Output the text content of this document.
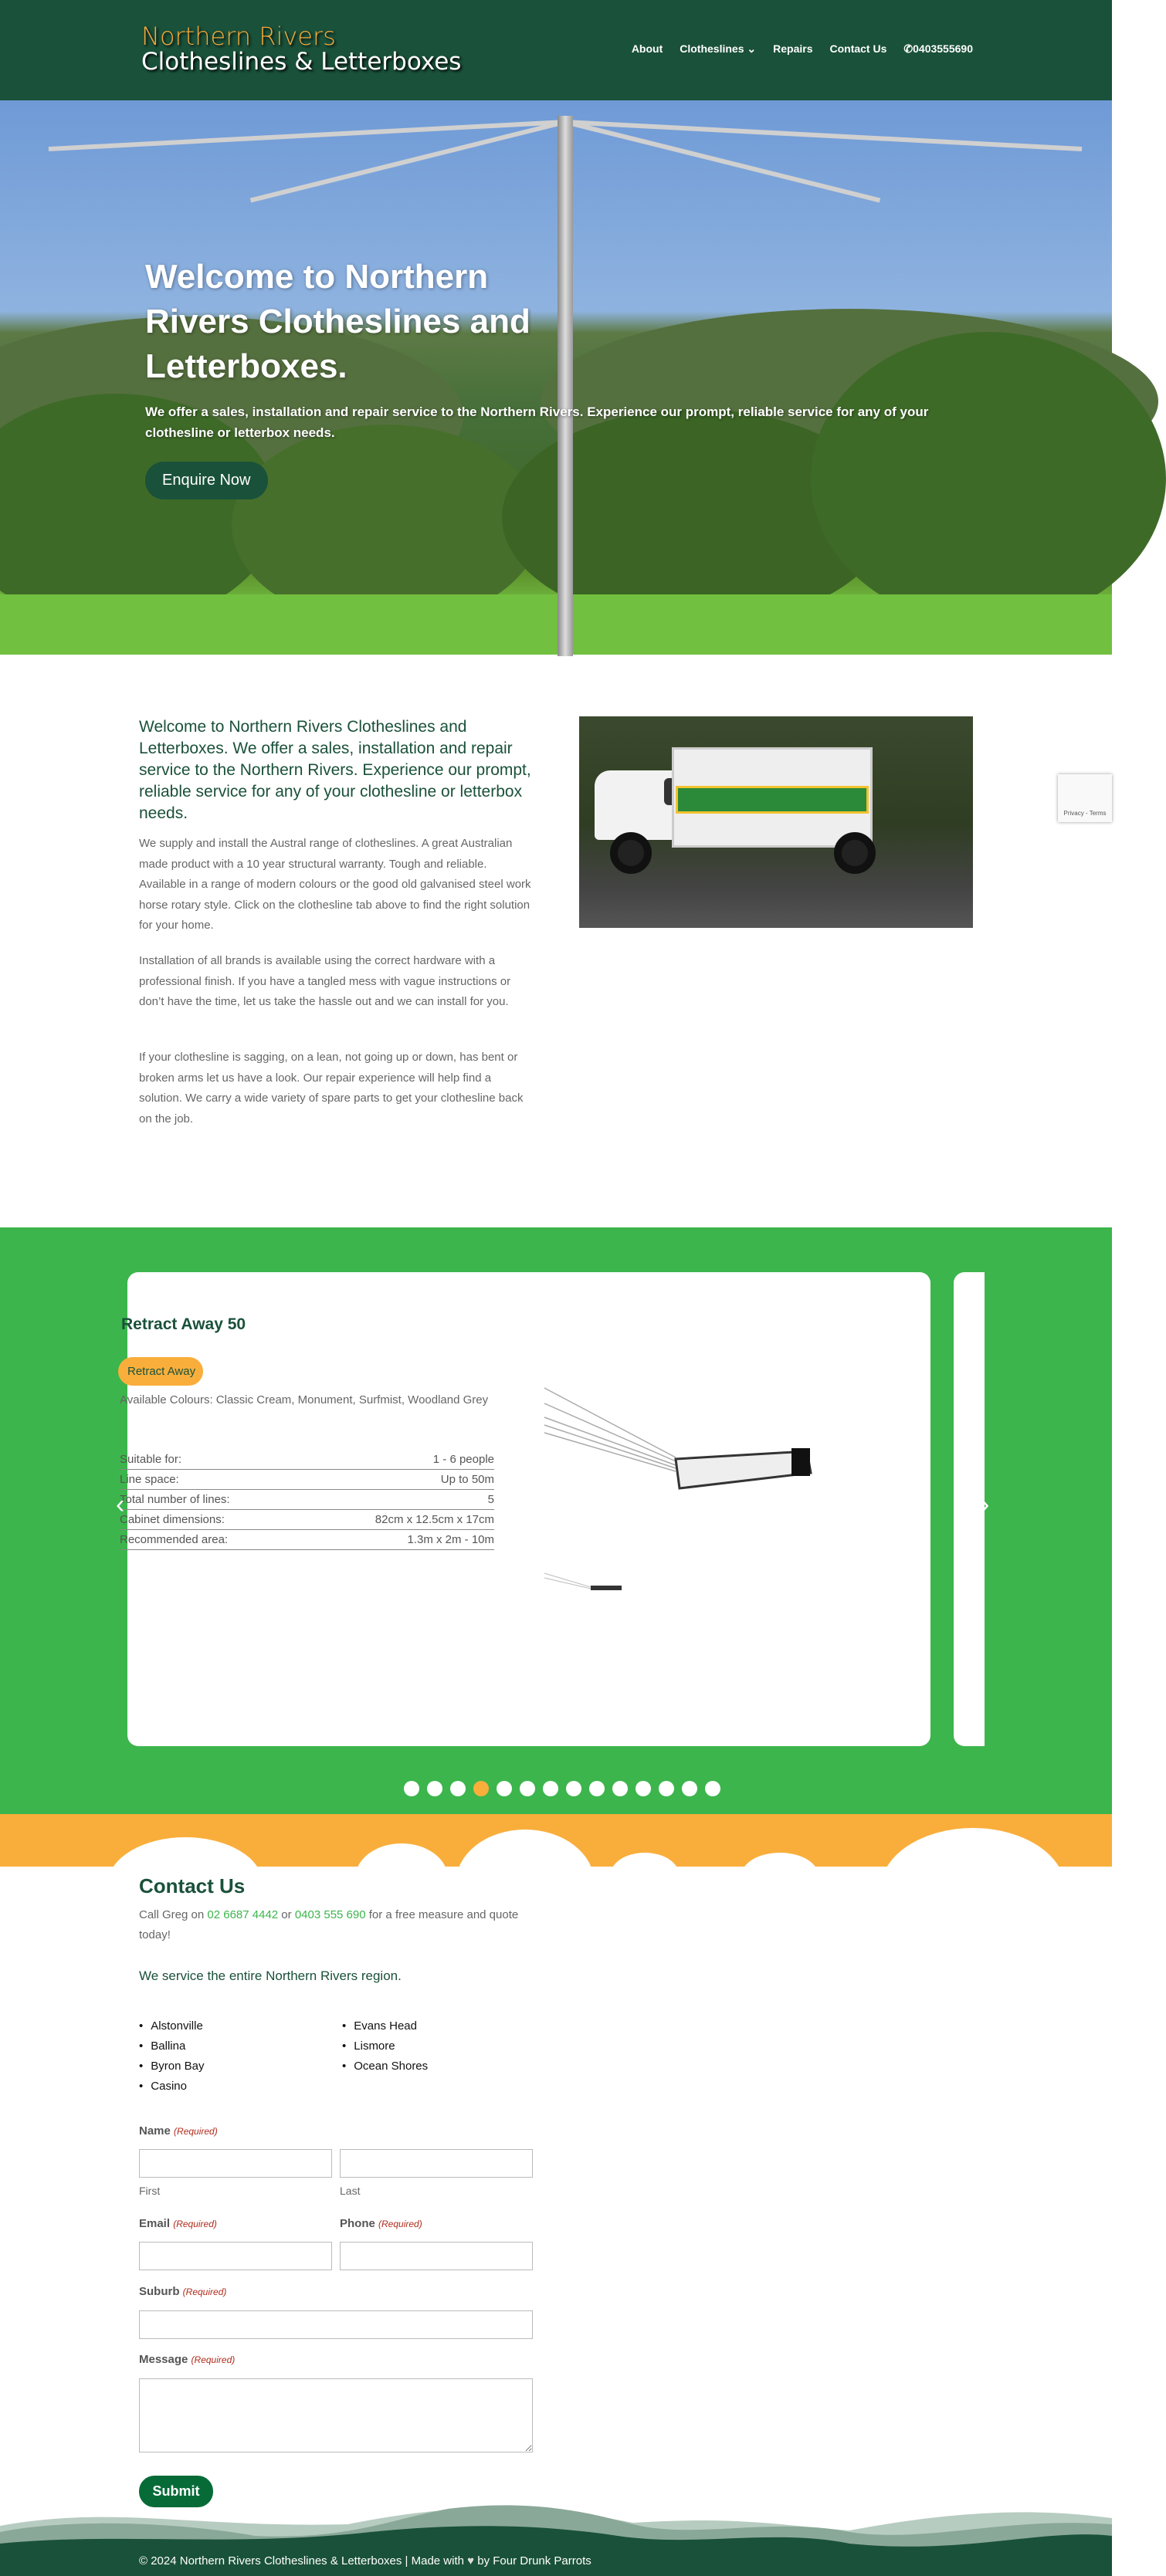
Northern Rivers
Clotheslines & Letterboxes	About Clotheslines ⌄ Repairs Contact Us ✆0403555690
Welcome to Northern Rivers Clotheslines and Letterboxes.
We offer a sales, installation and repair service to the Northern Rivers. Experience our prompt, reliable service for any of your clothesline or letterbox needs.
Enquire Now
Welcome to Northern Rivers Clotheslines and Letterboxes. We offer a sales, installation and repair service to the Northern Rivers. Experience our prompt, reliable service for any of your clothesline or letterbox needs.

We supply and install the Austral range of clotheslines. A great Australian made product with a 10 year structural warranty. Tough and reliable. Available in a range of modern colours or the good old galvanised steel work horse rotary style. Click on the clothesline tab above to find the right solution for your home.

Installation of all brands is available using the correct hardware with a professional finish. If you have a tangled mess with vague instructions or don’t have the time, let us take the hassle out and we can install for you.

If your clothesline is sagging, on a lean, not going up or down, has bent or broken arms let us have a look. Our repair experience will help find a solution. We carry a wide variety of spare parts to get your clothesline back on the job.

Privacy - Terms
Retract Away 50
Retract Away
Available Colours: Classic Cream, Monument, Surfmist, Woodland Grey
Suitable for:	1 - 6 people
Line space:	Up to 50m
Total number of lines:	5
Cabinet dimensions:	82cm x 12.5cm x 17cm
Recommended area:	1.3m x 2m - 10m
‹	›
Contact Us

Call Greg on 02 6687 4442 or 0403 555 690 for a free measure and quote today!

We service the entire Northern Rivers region.
• Alstonville
• Ballina
• Byron Bay
• Casino
• Evans Head
• Lismore
• Ocean Shores
Name (Required)
First	Last
Email (Required)	Phone (Required)
Suburb (Required)
Message (Required)
Submit
© 2024 Northern Rivers Clotheslines & Letterboxes | Made with ♥ by Four Drunk Parrots
